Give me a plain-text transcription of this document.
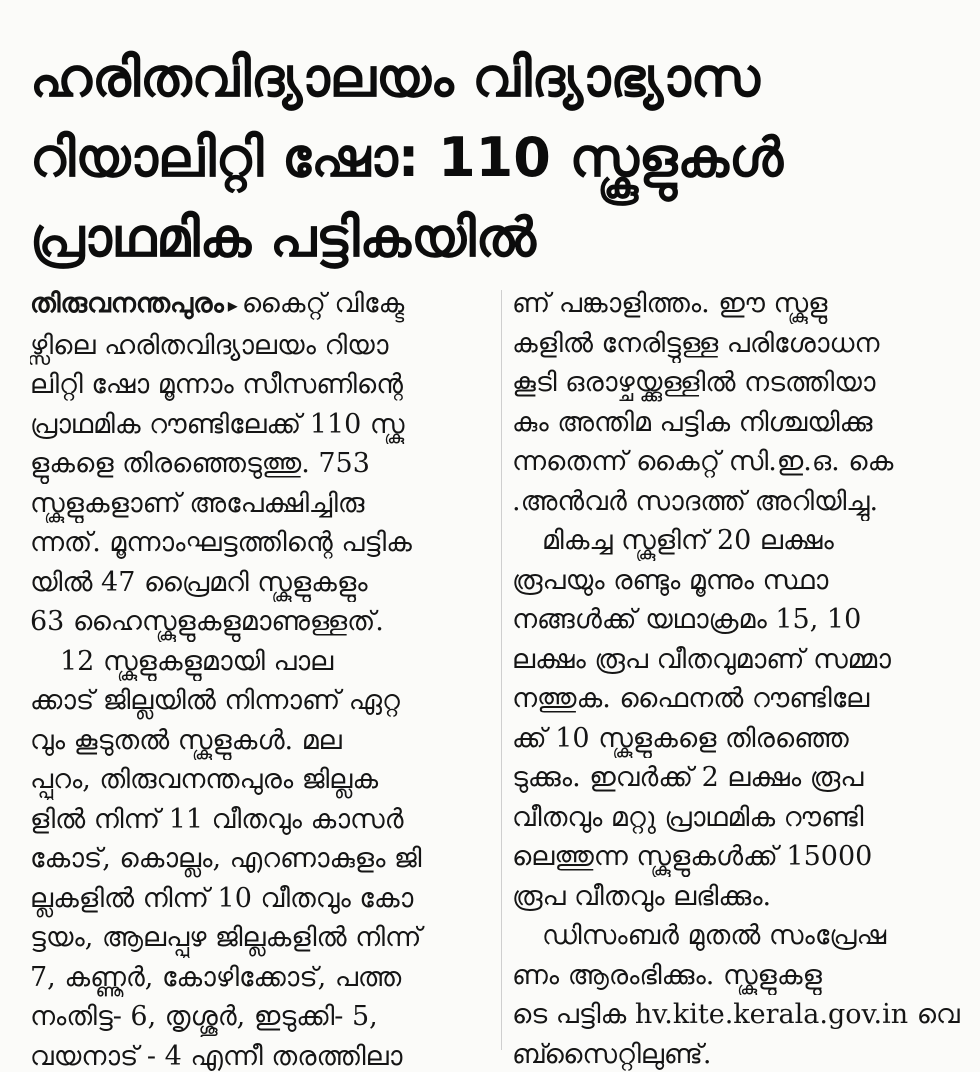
ഹരിതവിദ്യാലയം വിദ്യാഭ്യാസ
റിയാലിറ്റി ഷോ: 110 സ്കൂളുകൾ
പ്രാഥമിക പട്ടികയിൽ
തിരുവനന്തപുരം ▸ കൈറ്റ് വിക്ടേ
ഴ്സിലെ ഹരിതവിദ്യാലയം റിയാ
ലിറ്റി ഷോ മൂന്നാം സീസണിന്റെ
പ്രാഥമിക റൗണ്ടിലേക്ക് 110 സ്കൂ
ളുകളെ തിരഞ്ഞെടുത്തു. 753
സ്കൂളുകളാണ് അപേക്ഷിച്ചിരു
ന്നത്. മൂന്നാംഘട്ടത്തിന്റെ പട്ടിക
യിൽ 47 പ്രൈമറി സ്കൂളുകളും
63 ഹൈസ്കൂളുകളുമാണുള്ളത്.
12 സ്കൂളുകളുമായി പാല
ക്കാട് ജില്ലയിൽ നിന്നാണ് ഏറ്റ
വും കൂടുതൽ സ്കൂളുകൾ. മല
പ്പുറം, തിരുവനന്തപുരം ജില്ലക
ളിൽ നിന്ന് 11 വീതവും കാസർ
കോട്, കൊല്ലം, എറണാകുളം ജി
ല്ലകളിൽ നിന്ന് 10 വീതവും കോ
ട്ടയം, ആലപ്പുഴ ജില്ലകളിൽ നിന്ന്
7, കണ്ണൂർ, കോഴിക്കോട്, പത്ത
നംതിട്ട- 6, തൃശ്ശൂർ, ഇടുക്കി- 5,
വയനാട് - 4 എന്നീ തരത്തിലാ
ണ് പങ്കാളിത്തം. ഈ സ്കൂളു
കളിൽ നേരിട്ടുള്ള പരിശോധന
കൂടി ഒരാഴ്ചയ്ക്കുള്ളിൽ നടത്തിയാ
കും അന്തിമ പട്ടിക നിശ്ചയിക്കു
ന്നതെന്ന് കൈറ്റ് സി.ഇ.ഒ. കെ
.അൻവർ സാദത്ത് അറിയിച്ചു.
മികച്ച സ്കൂളിന് 20 ലക്ഷം
രൂപയും രണ്ടും മൂന്നും സ്ഥാ
നങ്ങൾക്ക് യഥാക്രമം 15, 10
ലക്ഷം രൂപ വീതവുമാണ് സമ്മാ
നത്തുക. ഫൈനൽ റൗണ്ടിലേ
ക്ക് 10 സ്കൂളുകളെ തിരഞ്ഞെ
ടുക്കും. ഇവർക്ക് 2 ലക്ഷം രൂപ
വീതവും മറ്റു പ്രാഥമിക റൗണ്ടി
ലെത്തുന്ന സ്കൂളുകൾക്ക് 15000
രൂപ വീതവും ലഭിക്കും.
ഡിസംബർ മുതൽ സംപ്രേഷ
ണം ആരംഭിക്കും. സ്കൂളുകളു
ടെ പട്ടിക hv.kite.kerala.gov.in വെ
ബ്സൈറ്റിലുണ്ട്.
